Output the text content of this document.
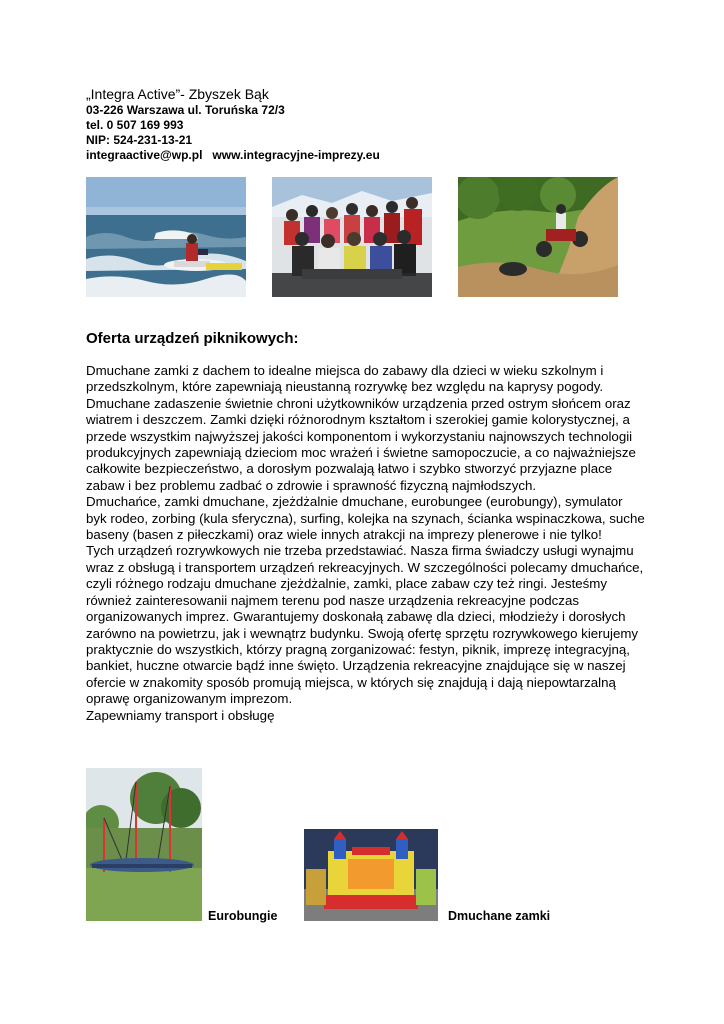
„Integra Active”- Zbyszek Bąk
03-226 Warszawa ul. Toruńska 72/3
tel. 0 507 169 993
NIP: 524-231-13-21
integraactive@wp.pl www.integracyjne-imprezy.eu
Oferta urządzeń piknikowych:

Dmuchane zamki z dachem to idealne miejsca do zabawy dla dzieci w wieku szkolnym i przedszkolnym, które zapewniają nieustanną rozrywkę bez względu na kaprysy pogody. Dmuchane zadaszenie świetnie chroni użytkowników urządzenia przed ostrym słońcem oraz wiatrem i deszczem. Zamki dzięki różnorodnym kształtom i szerokiej gamie kolorystycznej, a przede wszystkim najwyższej jakości komponentom i wykorzystaniu najnowszych technologii produkcyjnych zapewniają dzieciom moc wrażeń i świetne samopoczucie, a co najważniejsze całkowite bezpieczeństwo, a dorosłym pozwalają łatwo i szybko stworzyć przyjazne place zabaw i bez problemu zadbać o zdrowie i sprawność fizyczną najmłodszych.

Dmuchańce, zamki dmuchane, zjeżdżalnie dmuchane, eurobungee (eurobungy), symulator byk rodeo, zorbing (kula sferyczna), surfing, kolejka na szynach, ścianka wspinaczkowa, suche baseny (basen z piłeczkami) oraz wiele innych atrakcji na imprezy plenerowe i nie tylko!

Tych urządzeń rozrywkowych nie trzeba przedstawiać. Nasza firma świadczy usługi wynajmu wraz z obsługą i transportem urządzeń rekreacyjnych. W szczególności polecamy dmuchańce, czyli różnego rodzaju dmuchane zjeżdżalnie, zamki, place zabaw czy też ringi. Jesteśmy również zainteresowanii najmem terenu pod nasze urządzenia rekreacyjne podczas organizowanych imprez. Gwarantujemy doskonałą zabawę dla dzieci, młodzieży i dorosłych zarówno na powietrzu, jak i wewnątrz budynku. Swoją ofertę sprzętu rozrywkowego kierujemy praktycznie do wszystkich, którzy pragną zorganizować: festyn, piknik, imprezę integracyjną, bankiet, huczne otwarcie bądź inne święto. Urządzenia rekreacyjne znajdujące się w naszej ofercie w znakomity sposób promują miejsca, w których się znajdują i dają niepowtarzalną oprawę organizowanym imprezom.

Zapewniamy transport i obsługę

Eurobungie	Dmuchane zamki
